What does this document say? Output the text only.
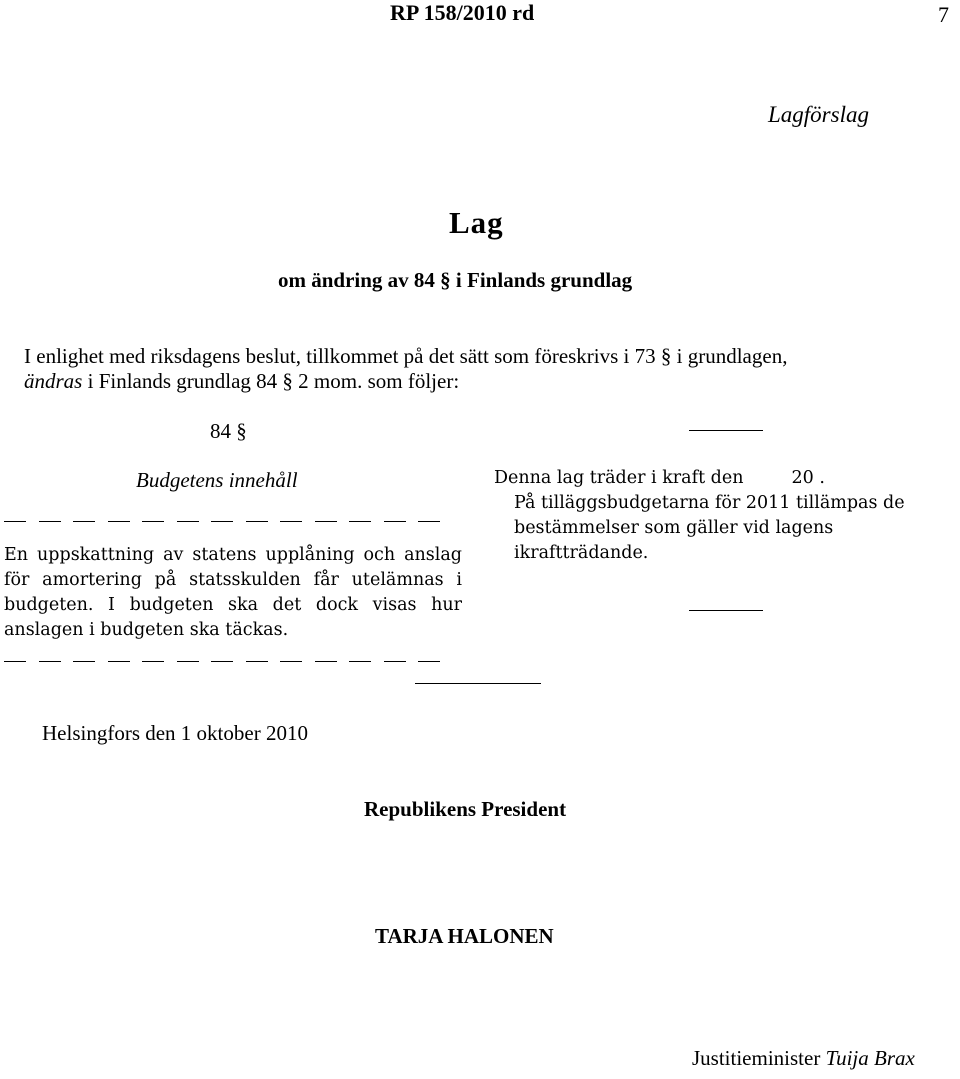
RP 158/2010 rd	7
Lagförslag
Lag
om ändring av 84 § i Finlands grundlag
I enlighet med riksdagens beslut, tillkommet på det sätt som föreskrivs i 73 § i grundlagen,
ändras i Finlands grundlag 84 § 2 mom. som följer:
84 §
Budgetens innehåll
En uppskattning av statens upplåning och anslag för amortering på statsskulden får utelämnas i budgeten. I budgeten ska det dock visas hur anslagen i budgeten ska täckas.
Denna lag träder i kraft den	20 .
På tilläggsbudgetarna för 2011 tillämpas de bestämmelser som gäller vid lagens ikraftträdande.
Helsingfors den 1 oktober 2010
Republikens President
TARJA HALONEN
Justitieminister Tuija Brax
